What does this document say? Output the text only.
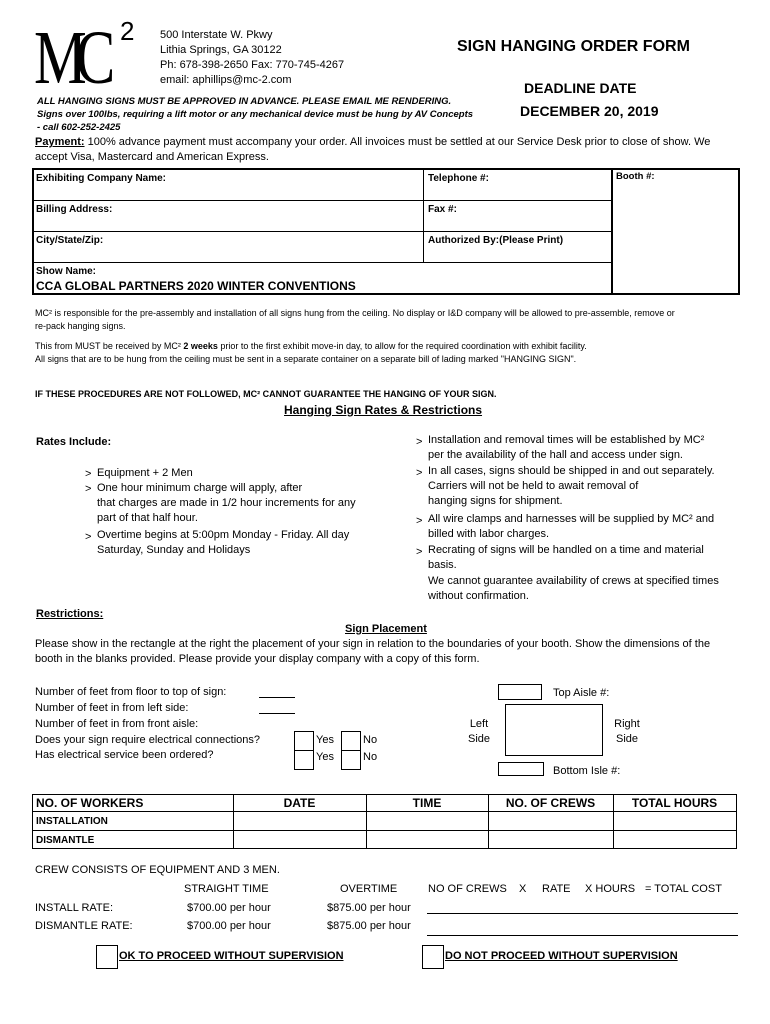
MC 2 500 Interstate W. Pkwy
Lithia Springs, GA 30122
Ph: 678-398-2650 Fax: 770-745-4267
email: aphillips@mc-2.com
SIGN HANGING ORDER FORM
DEADLINE DATE
DECEMBER 20, 2019
ALL HANGING SIGNS MUST BE APPROVED IN ADVANCE. PLEASE EMAIL ME RENDERING.
Signs over 100lbs, requiring a lift motor or any mechanical device must be hung by AV Concepts
- call 602-252-2425
Payment: 100% advance payment must accompany your order. All invoices must be settled at our Service Desk prior to close of show. We
accept Visa, Mastercard and American Express.
Exhibiting Company Name:	Telephone #:	Booth #:
Billing Address:	Fax #:
City/State/Zip:	Authorized By:(Please Print)
Show Name:
CCA GLOBAL PARTNERS 2020 WINTER CONVENTIONS
MC² is responsible for the pre-assembly and installation of all signs hung from the ceiling. No display or I&D company will be allowed to pre-assemble, remove or
re-pack hanging signs.
This from MUST be received by MC² 2 weeks prior to the first exhibit move-in day, to allow for the required coordination with exhibit facility.
All signs that are to be hung from the ceiling must be sent in a separate container on a separate bill of lading marked "HANGING SIGN".
IF THESE PROCEDURES ARE NOT FOLLOWED, MC² CANNOT GUARANTEE THE HANGING OF YOUR SIGN.
Hanging Sign Rates & Restrictions
Rates Include:
> Equipment + 2 Men
> One hour minimum charge will apply, after
that charges are made in 1/2 hour increments for any
part of that half hour.
> Overtime begins at 5:00pm Monday - Friday. All day
Saturday, Sunday and Holidays
> Installation and removal times will be established by MC²
per the availability of the hall and access under sign.
> In all cases, signs should be shipped in and out separately.
Carriers will not be held to await removal of
hanging signs for shipment.
> All wire clamps and harnesses will be supplied by MC² and
billed with labor charges.
> Recrating of signs will be handled on a time and material
basis.
We cannot guarantee availability of crews at specified times
without confirmation.
Restrictions:
Sign Placement
Please show in the rectangle at the right the placement of your sign in relation to the boundaries of your booth. Show the dimensions of the
booth in the blanks provided. Please provide your display company with a copy of this form.
Number of feet from floor to top of sign:
Number of feet in from left side:
Number of feet in from front aisle:
Does your sign require electrical connections?
Has electrical service been ordered?
Yes	No
Yes	No
Top Aisle #:
Left
Side
Right
Side
Bottom Isle #:
NO. OF WORKERS	DATE	TIME	NO. OF CREWS	TOTAL HOURS
INSTALLATION
DISMANTLE
CREW CONSISTS OF EQUIPMENT AND 3 MEN.
STRAIGHT TIME	OVERTIME	NO OF CREWS X RATE X HOURS = TOTAL COST
INSTALL RATE:	$700.00 per hour	$875.00 per hour
DISMANTLE RATE:	$700.00 per hour	$875.00 per hour
OK TO PROCEED WITHOUT SUPERVISION	DO NOT PROCEED WITHOUT SUPERVISION
